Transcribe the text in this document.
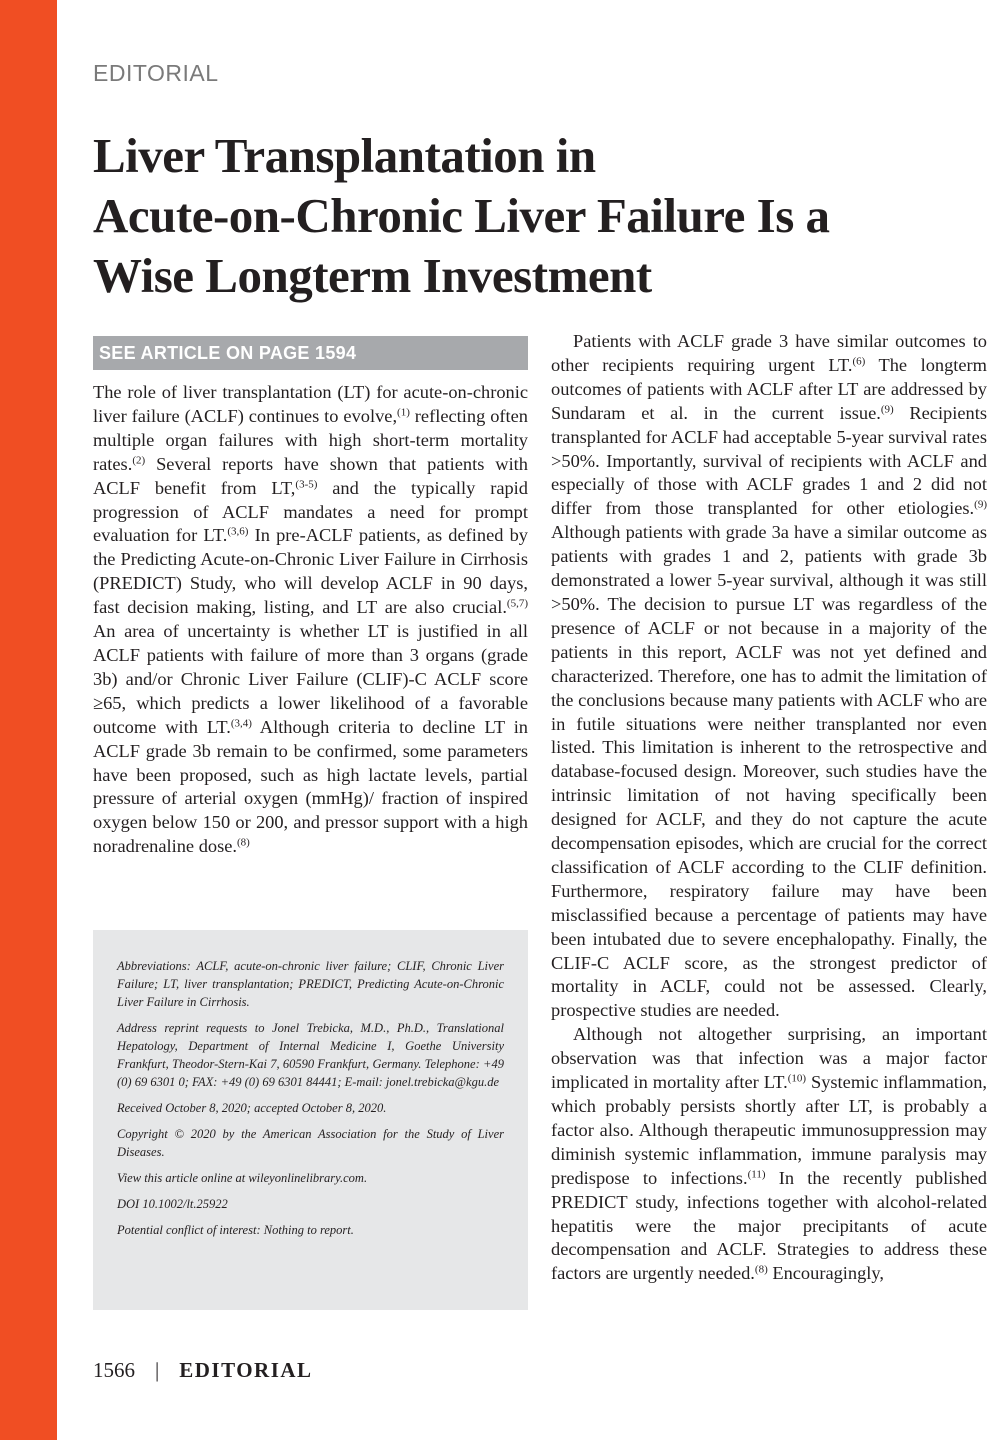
EDITORIAL
Liver Transplantation in
Acute-on-Chronic Liver Failure Is a
Wise Longterm Investment
SEE ARTICLE ON PAGE 1594

The role of liver transplantation (LT) for acute-on-chronic liver failure (ACLF) continues to evolve,$^{(1)}$ reflecting often multiple organ failures with high short-term mortality rates.$^{(2)}$ Several reports have shown that patients with ACLF benefit from LT,$^{(3-5)}$ and the typically rapid progression of ACLF mandates a need for prompt evaluation for LT.$^{(3,6)}$ In pre-ACLF patients, as defined by the Predicting Acute-on-Chronic Liver Failure in Cirrhosis (PREDICT) Study, who will develop ACLF in 90 days, fast decision making, listing, and LT are also crucial.$^{(5,7)}$ An area of uncertainty is whether LT is justified in all ACLF patients with failure of more than 3 organs (grade 3b) and/or Chronic Liver Failure (CLIF)-C ACLF score ≥65, which predicts a lower likelihood of a favorable outcome with LT.$^{(3,4)}$ Although criteria to decline LT in ACLF grade 3b remain to be confirmed, some parameters have been proposed, such as high lactate levels, partial pressure of arterial oxygen (mmHg)/ fraction of inspired oxygen below 150 or 200, and pressor support with a high noradrenaline dose.$^{(8)}$

Abbreviations: ACLF, acute-on-chronic liver failure; CLIF, Chronic Liver Failure; LT, liver transplantation; PREDICT, Predicting Acute-on-Chronic Liver Failure in Cirrhosis.

Address reprint requests to Jonel Trebicka, M.D., Ph.D., Translational Hepatology, Department of Internal Medicine I, Goethe University Frankfurt, Theodor-Stern-Kai 7, 60590 Frankfurt, Germany. Telephone: +49 (0) 69 6301 0; FAX: +49 (0) 69 6301 84441; E-mail: jonel.trebicka@kgu.de

Received October 8, 2020; accepted October 8, 2020.

Copyright © 2020 by the American Association for the Study of Liver Diseases.

View this article online at wileyonlinelibrary.com.

DOI 10.1002/lt.25922

Potential conflict of interest: Nothing to report.

Patients with ACLF grade 3 have similar outcomes to other recipients requiring urgent LT.$^{(6)}$ The longterm outcomes of patients with ACLF after LT are addressed by Sundaram et al. in the current issue.$^{(9)}$ Recipients transplanted for ACLF had acceptable 5-year survival rates >50%. Importantly, survival of recipients with ACLF and especially of those with ACLF grades 1 and 2 did not differ from those transplanted for other etiologies.$^{(9)}$ Although patients with grade 3a have a similar outcome as patients with grades 1 and 2, patients with grade 3b demonstrated a lower 5-year survival, although it was still >50%. The decision to pursue LT was regardless of the presence of ACLF or not because in a majority of the patients in this report, ACLF was not yet defined and characterized. Therefore, one has to admit the limitation of the conclusions because many patients with ACLF who are in futile situations were neither transplanted nor even listed. This limitation is inherent to the retrospective and database-focused design. Moreover, such studies have the intrinsic limitation of not having specifically been designed for ACLF, and they do not capture the acute decompensation episodes, which are crucial for the correct classification of ACLF according to the CLIF definition. Furthermore, respiratory failure may have been misclassified because a percentage of patients may have been intubated due to severe encephalopathy. Finally, the CLIF-C ACLF score, as the strongest predictor of mortality in ACLF, could not be assessed. Clearly, prospective studies are needed.

Although not altogether surprising, an important observation was that infection was a major factor implicated in mortality after LT.$^{(10)}$ Systemic inflammation, which probably persists shortly after LT, is probably a factor also. Although therapeutic immunosuppression may diminish systemic inflammation, immune paralysis may predispose to infections.$^{(11)}$ In the recently published PREDICT study, infections together with alcohol-related hepatitis were the major precipitants of acute decompensation and ACLF. Strategies to address these factors are urgently needed.$^{(8)}$ Encouragingly,

1566 | EDITORIAL
